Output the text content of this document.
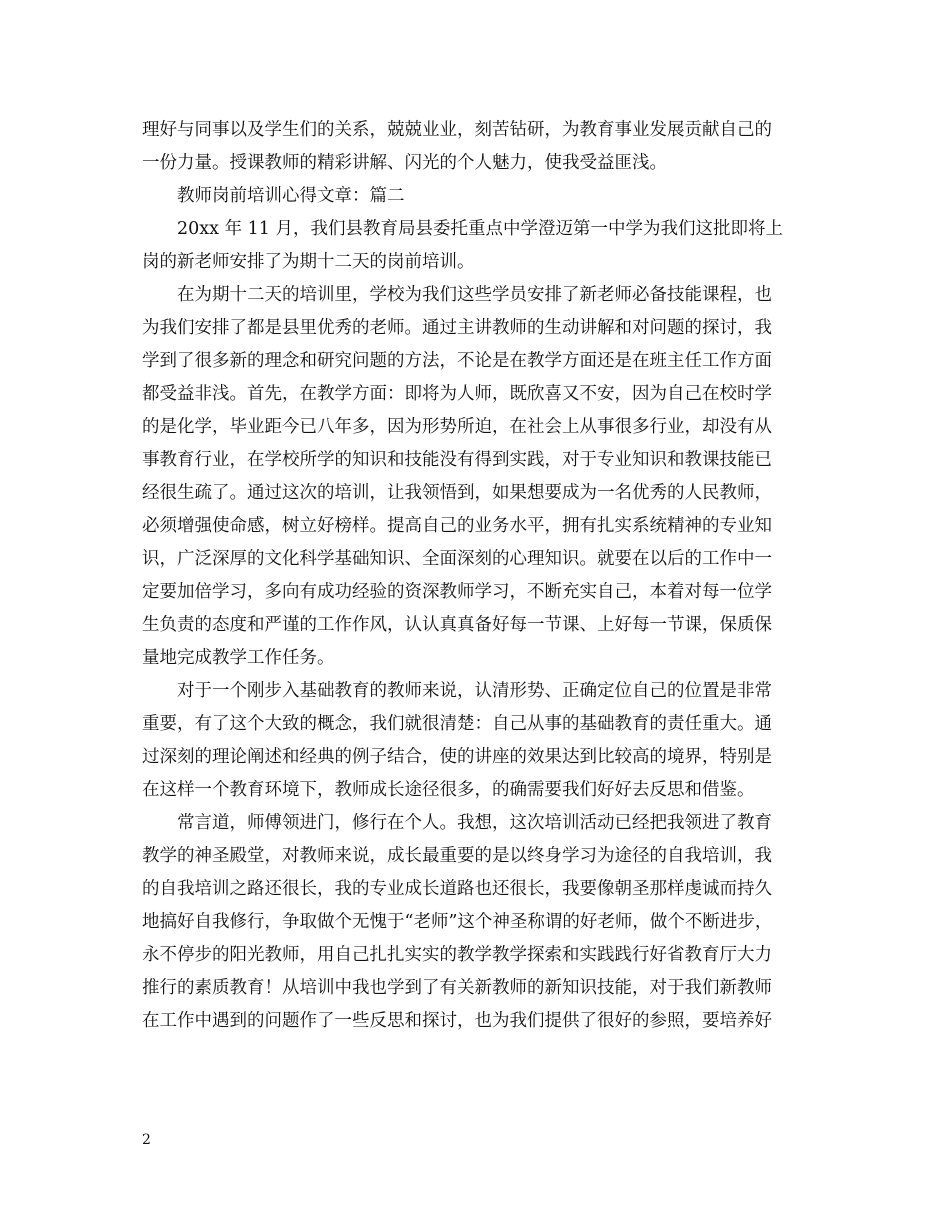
理好与同事以及学生们的关系，兢兢业业，刻苦钻研，为教育事业发展贡献自己的
一份力量。授课教师的精彩讲解、闪光的个人魅力，使我受益匪浅。
　　教师岗前培训心得文章：篇二
　　20xx 年 11 月，我们县教育局县委托重点中学澄迈第一中学为我们这批即将上
岗的新老师安排了为期十二天的岗前培训。
　　在为期十二天的培训里，学校为我们这些学员安排了新老师必备技能课程，也
为我们安排了都是县里优秀的老师。通过主讲教师的生动讲解和对问题的探讨，我
学到了很多新的理念和研究问题的方法，不论是在教学方面还是在班主任工作方面
都受益非浅。首先，在教学方面：即将为人师，既欣喜又不安，因为自己在校时学
的是化学，毕业距今已八年多，因为形势所迫，在社会上从事很多行业，却没有从
事教育行业，在学校所学的知识和技能没有得到实践，对于专业知识和教课技能已
经很生疏了。通过这次的培训，让我领悟到，如果想要成为一名优秀的人民教师，
必须增强使命感，树立好榜样。提高自己的业务水平，拥有扎实系统精神的专业知
识，广泛深厚的文化科学基础知识、全面深刻的心理知识。就要在以后的工作中一
定要加倍学习，多向有成功经验的资深教师学习，不断充实自己，本着对每一位学
生负责的态度和严谨的工作作风，认认真真备好每一节课、上好每一节课，保质保
量地完成教学工作任务。
　　对于一个刚步入基础教育的教师来说，认清形势、正确定位自己的位置是非常
重要，有了这个大致的概念，我们就很清楚：自己从事的基础教育的责任重大。通
过深刻的理论阐述和经典的例子结合，使的讲座的效果达到比较高的境界，特别是
在这样一个教育环境下，教师成长途径很多，的确需要我们好好去反思和借鉴。
　　常言道，师傅领进门，修行在个人。我想，这次培训活动已经把我领进了教育
教学的神圣殿堂，对教师来说，成长最重要的是以终身学习为途径的自我培训，我
的自我培训之路还很长，我的专业成长道路也还很长，我要像朝圣那样虔诚而持久
地搞好自我修行，争取做个无愧于“老师”这个神圣称谓的好老师，做个不断进步，
永不停步的阳光教师，用自己扎扎实实的教学教学探索和实践践行好省教育厅大力
推行的素质教育！从培训中我也学到了有关新教师的新知识技能，对于我们新教师
在工作中遇到的问题作了一些反思和探讨，也为我们提供了很好的参照，要培养好
2
